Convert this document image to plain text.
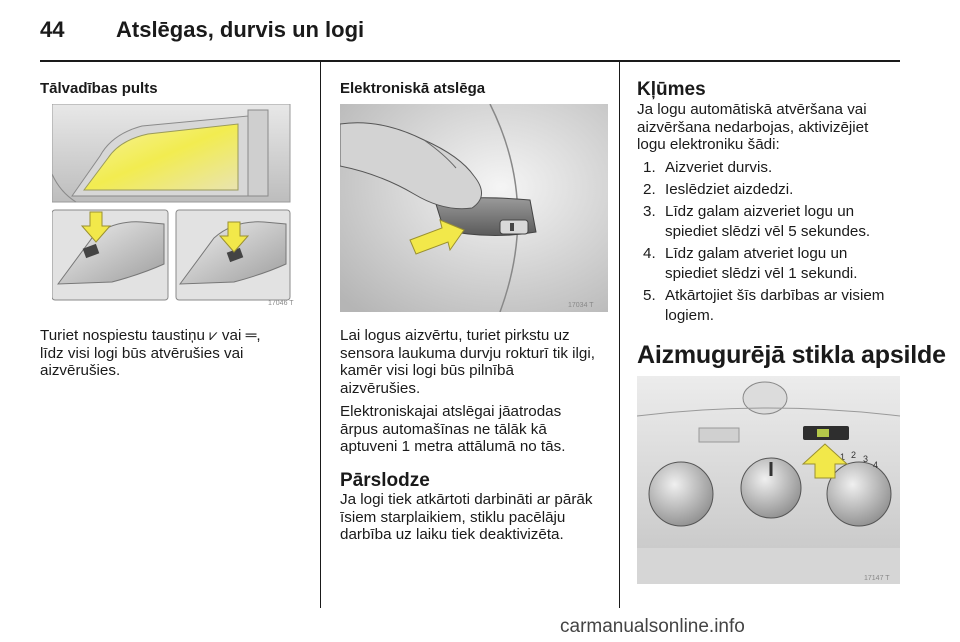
44 Atslēgas, durvis un logi
Tālvadības pults
17046 T
Turiet nospiestu taustiņu ⩗ vai ═,
līdz visi logi būs atvērušies vai
aizvērušies.
Elektroniskā atslēga
17034 T
Lai logus aizvērtu, turiet pirkstu uz
sensora laukuma durvju rokturī tik ilgi,
kamēr visi logi būs pilnībā
aizvērušies.
Elektroniskajai atslēgai jāatrodas
ārpus automašīnas ne tālāk kā
aptuveni 1 metra attālumā no tās.
Pārslodze
Ja logi tiek atkārtoti darbināti ar pārāk
īsiem starplaikiem, stiklu pacēlāju
darbība uz laiku tiek deaktivizēta.
Kļūmes
Ja logu automātiskā atvēršana vai
aizvēršana nedarbojas, aktivizējiet
logu elektroniku šādi:
1. Aizveriet durvis.
2. Ieslēdziet aizdedzi.
3. Līdz galam aizveriet logu un
spiediet slēdzi vēl 5 sekundes.
4. Līdz galam atveriet logu un
spiediet slēdzi vēl 1 sekundi.
5. Atkārtojiet šīs darbības ar visiem
logiem.
Aizmugurējā stikla apsilde
1 2 3
4
17147 T
carmanualsonline.info
